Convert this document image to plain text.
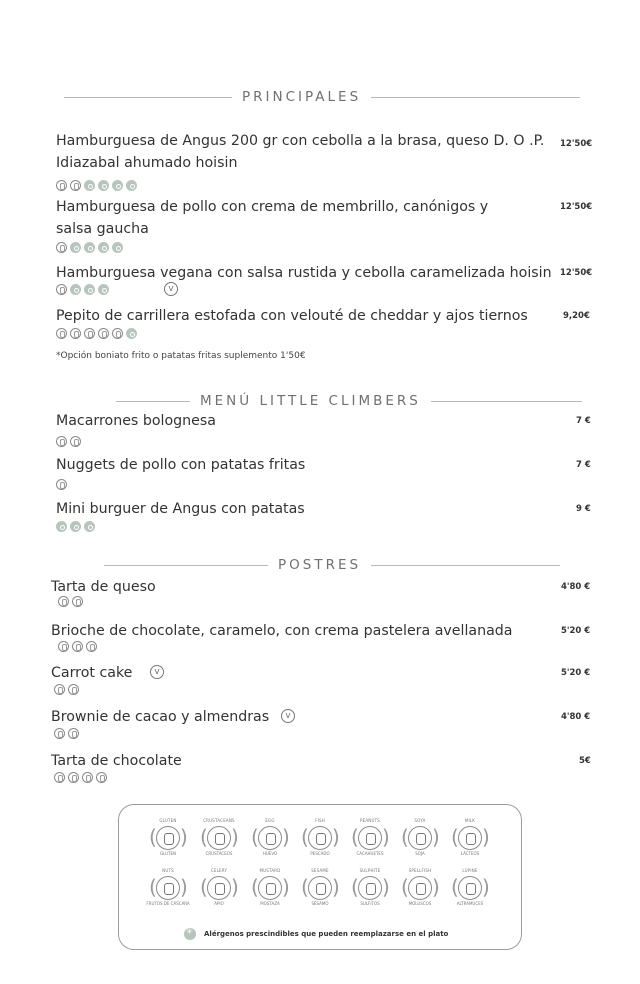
PRINCIPALES
Hamburguesa de Angus 200 gr con cebolla a la brasa, queso D. O .P.
Idiazabal ahumado hoisin
12'50€
Hamburguesa de pollo con crema de membrillo, canónigos y
salsa gaucha
12'50€
Hamburguesa vegana con salsa rustida y cebolla caramelizada hoisin 12'50€
V
Pepito de carrillera estofada con velouté de cheddar y ajos tiernos	9,20€
*Opción boniato frito o patatas fritas suplemento 1'50€
MENÚ LITTLE CLIMBERS
Macarrones bolognesa	7 €
Nuggets de pollo con patatas fritas	7 €
Mini burguer de Angus con patatas	9 €
POSTRES
Tarta de queso	4'80 €
Brioche de chocolate, caramelo, con crema pastelera avellanada	5'20 €
Carrot cake	V	5'20 €
Brownie de cacao y almendras	V	4'80 €
Tarta de chocolate	5€
GLUTEN
( )
GLUTEN
CRUSTACEANS
( )
CRUSTÁCEOS
EGG
( )
HUEVO
FISH
( )
PESCADO
PEANUTS
( )
CACAHUETES
SOYA
( )
SOJA
MILK
( )
LÁCTEOS
NUTS
( )
FRUTOS DE CÁSCARA
CELERY
( )
APIO
MUSTARD
( )
MOSTAZA
SESAME
( )
SÉSAMO
SULPHITE
( )
SULFITOS
SPELLFISH
( )
MOLUSCOS
LUPINE
( )
ALTRAMUCES
✳
Alérgenos prescindibles que pueden reemplazarse en el plato
